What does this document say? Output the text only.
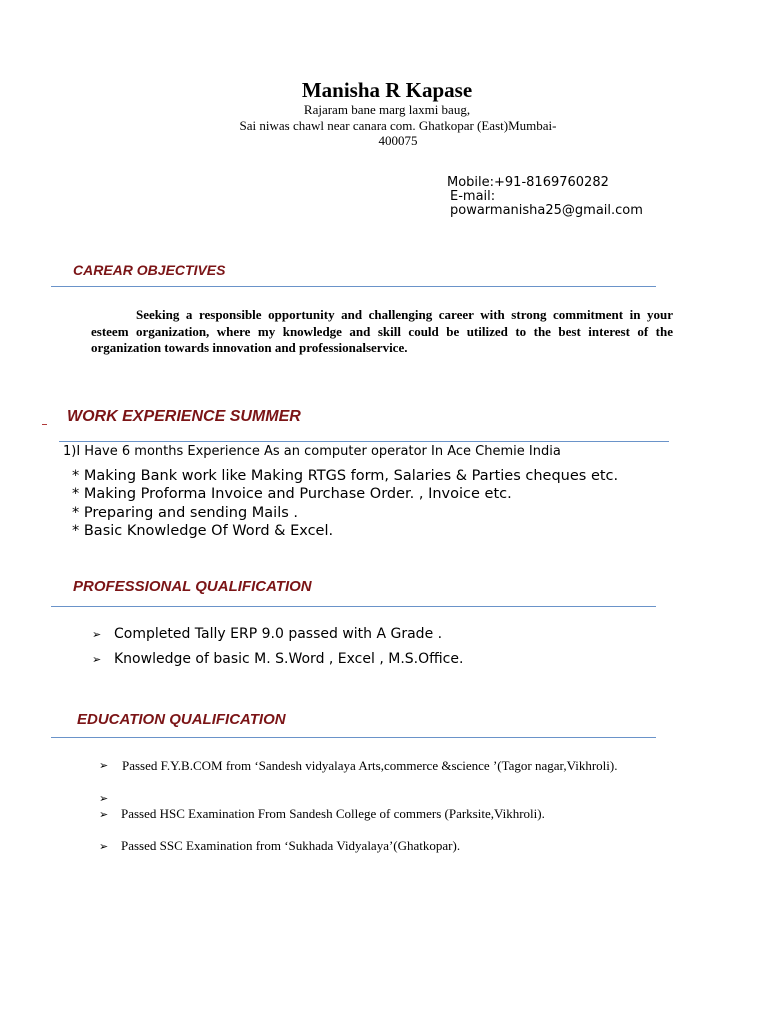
Manisha R Kapase
Rajaram bane marg laxmi baug,
Sai niwas chawl near canara com. Ghatkopar (East)Mumbai-
400075
Mobile:+91-8169760282
E-mail:
powarmanisha25@gmail.com
CAREAR OBJECTIVES
Seeking a responsible opportunity and challenging career with strong commitment in your esteem organization, where my knowledge and skill could be utilized to the best interest of the organization towards innovation and professionalservice.
WORK EXPERIENCE SUMMER
1)I Have 6 months Experience As an computer operator In Ace Chemie India
* Making Bank work like Making RTGS form, Salaries & Parties cheques etc.
* Making Proforma Invoice and Purchase Order. , Invoice etc.
* Preparing and sending Mails .
* Basic Knowledge Of Word & Excel.
PROFESSIONAL QUALIFICATION
➢ Completed Tally ERP 9.0 passed with A Grade .
➢ Knowledge of basic M. S.Word , Excel , M.S.Office.
EDUCATION QUALIFICATION
➢	Passed F.Y.B.COM from ‘Sandesh vidyalaya Arts,commerce &science ’(Tagor nagar,Vikhroli).
➢
➢ Passed HSC Examination From Sandesh College of commers (Parksite,Vikhroli).
➢ Passed SSC Examination from ‘Sukhada Vidyalaya’(Ghatkopar).
